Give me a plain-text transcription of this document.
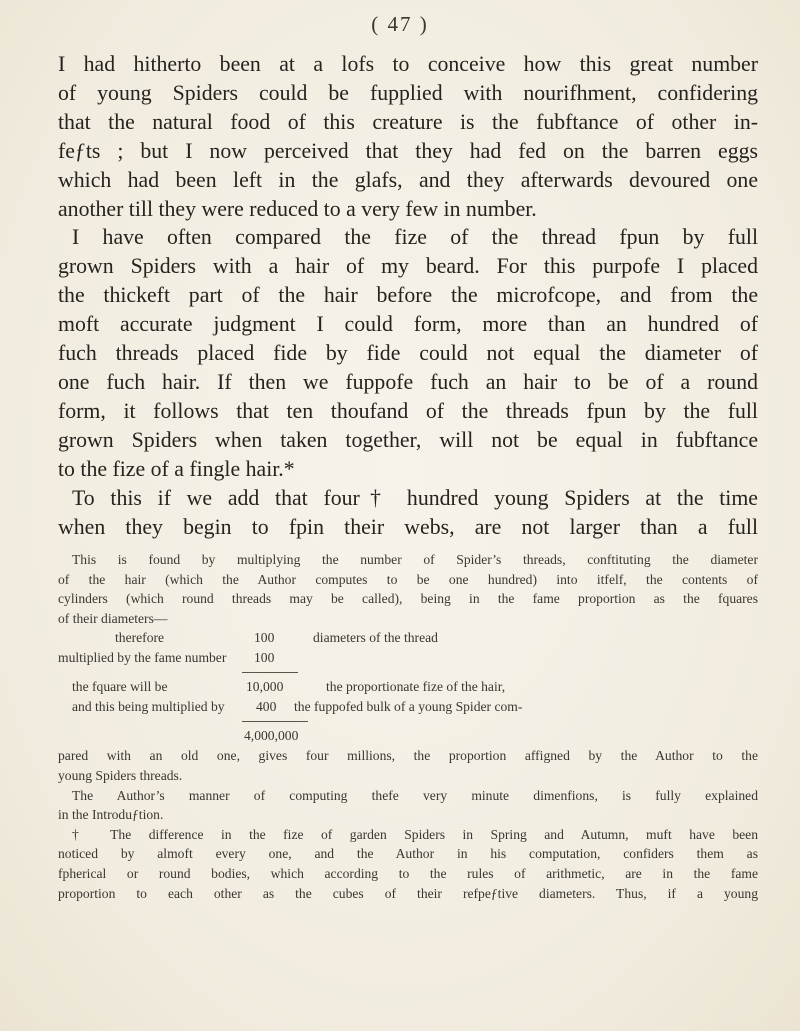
( 47 )
I had hitherto been at a lofs to conceive how this great number
of young Spiders could be fupplied with nourifhment, confidering
that the natural food of this creature is the fubftance of other in-
feƒts ; but I now perceived that they had fed on the barren eggs
which had been left in the glafs, and they afterwards devoured one
another till they were reduced to a very few in number.
I have often compared the fize of the thread fpun by full
grown Spiders with a hair of my beard. For this purpofe I placed
the thickeft part of the hair before the microfcope, and from the
moft accurate judgment I could form, more than an hundred of
fuch threads placed fide by fide could not equal the diameter of
one fuch hair. If then we fuppofe fuch an hair to be of a round
form, it follows that ten thoufand of the threads fpun by the full
grown Spiders when taken together, will not be equal in fubftance
to the fize of a fingle hair.*
To this if we add that four† hundred young Spiders at the time
when they begin to fpin their webs, are not larger than a full
This is found by multiplying the number of Spider’s threads, conftituting the diameter
of the hair (which the Author computes to be one hundred) into itfelf, the contents of
cylinders (which round threads may be called), being in the fame proportion as the fquares
of their diameters—
therefore	100	diameters of the thread
multiplied by the fame number 100
the fquare will be	10,000	the proportionate fize of the hair,
and this being multiplied by 400 the fuppofed bulk of a young Spider com-
4,000,000
pared with an old one, gives four millions, the proportion affigned by the Author to the
young Spiders threads.
The Author’s manner of computing thefe very minute dimenfions, is fully explained
in the Introduƒtion.
† The difference in the fize of garden Spiders in Spring and Autumn, muft have been
noticed by almoft every one, and the Author in his computation, confiders them as
fpherical or round bodies, which according to the rules of arithmetic, are in the fame
proportion to each other as the cubes of their refpeƒtive diameters. Thus, if a young
